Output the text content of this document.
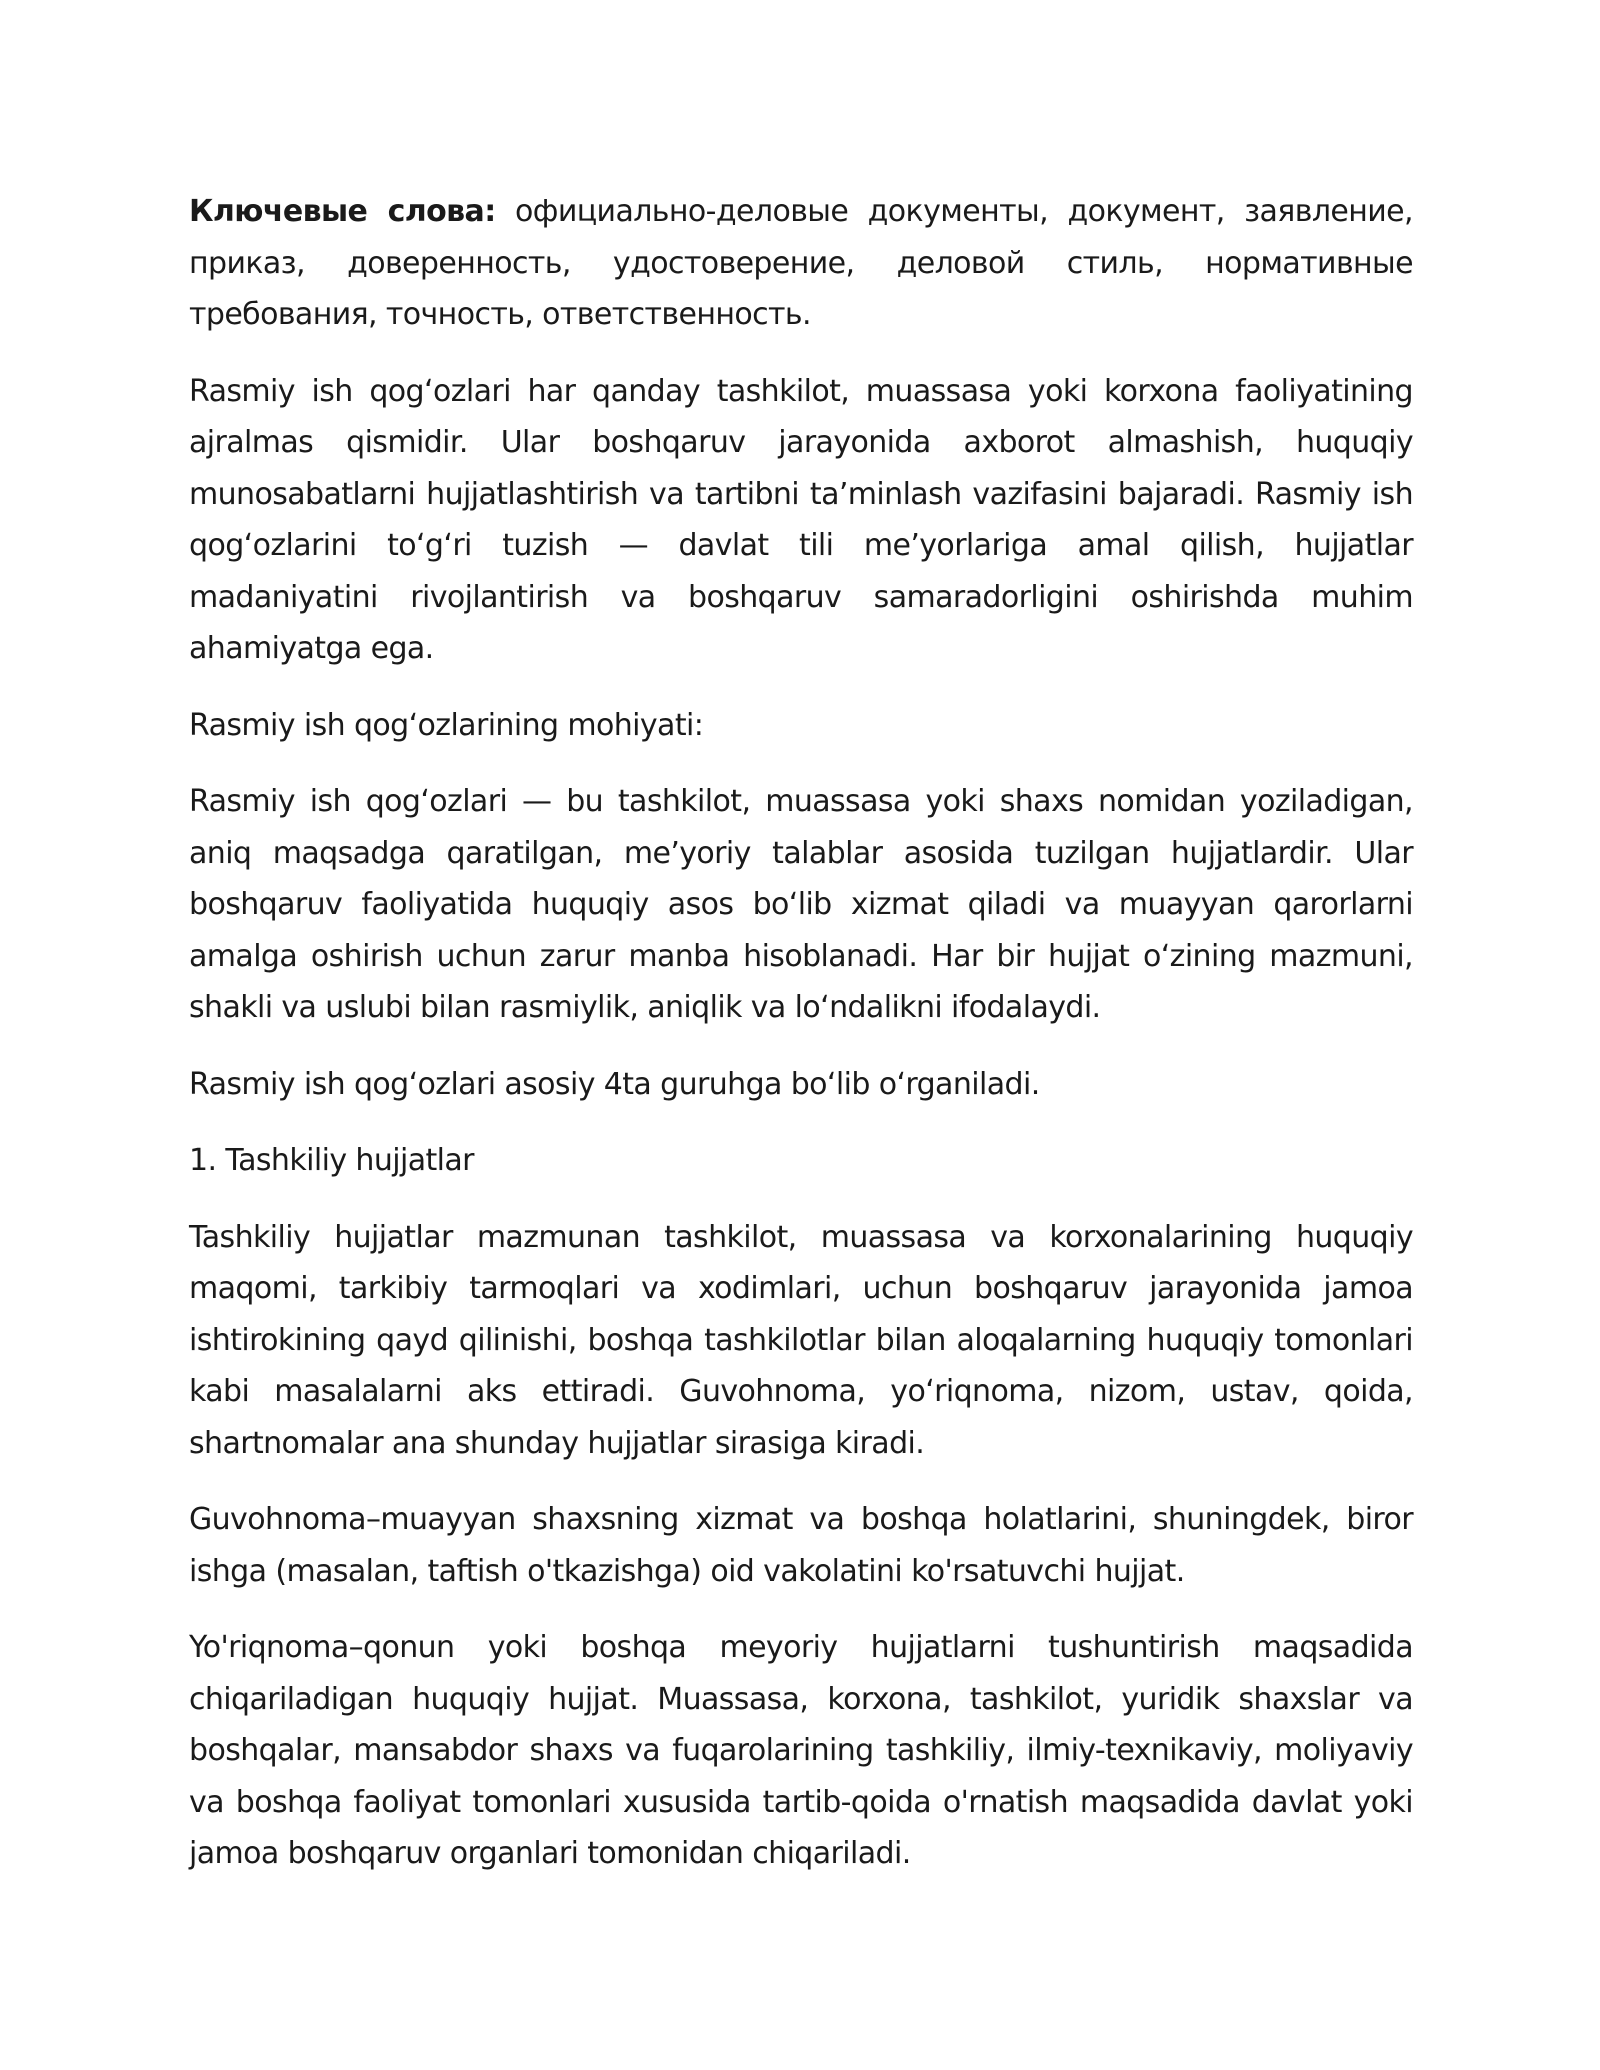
Ключевые слова: официально-деловые документы, документ, заявление, приказ, доверенность, удостоверение, деловой стиль, нормативные требования, точность, ответственность.

Rasmiy ish qogʻozlari har qanday tashkilot, muassasa yoki korxona faoliyatining ajralmas qismidir. Ular boshqaruv jarayonida axborot almashish, huquqiy munosabatlarni hujjatlashtirish va tartibni ta’minlash vazifasini bajaradi. Rasmiy ish qogʻozlarini toʻgʻri tuzish — davlat tili me’yorlariga amal qilish, hujjatlar madaniyatini rivojlantirish va boshqaruv samaradorligini oshirishda muhim ahamiyatga ega.

Rasmiy ish qogʻozlarining mohiyati:

Rasmiy ish qogʻozlari — bu tashkilot, muassasa yoki shaxs nomidan yoziladigan, aniq maqsadga qaratilgan, me’yoriy talablar asosida tuzilgan hujjatlardir. Ular boshqaruv faoliyatida huquqiy asos boʻlib xizmat qiladi va muayyan qarorlarni amalga oshirish uchun zarur manba hisoblanadi. Har bir hujjat oʻzining mazmuni, shakli va uslubi bilan rasmiylik, aniqlik va loʻndalikni ifodalaydi.

Rasmiy ish qogʻozlari asosiy 4ta guruhga boʻlib oʻrganiladi.

1. Tashkiliy hujjatlar

Tashkiliy hujjatlar mazmunan tashkilot, muassasa va korxonalarining huquqiy maqomi, tarkibiy tarmoqlari va xodimlari, uchun boshqaruv jarayonida jamoa ishtirokining qayd qilinishi, boshqa tashkilotlar bilan aloqalarning huquqiy tomonlari kabi masalalarni aks ettiradi. Guvohnoma, yoʻriqnoma, nizom, ustav, qoida, shartnomalar ana shunday hujjatlar sirasiga kiradi.

Guvohnoma–muayyan shaxsning xizmat va boshqa holatlarini, shuningdek, biror ishga (masalan, taftish o'tkazishga) oid vakolatini ko'rsatuvchi hujjat.

Yo'riqnoma–qonun yoki boshqa meyoriy hujjatlarni tushuntirish maqsadida chiqariladigan huquqiy hujjat. Muassasa, korxona, tashkilot, yuridik shaxslar va boshqalar, mansabdor shaxs va fuqarolarining tashkiliy, ilmiy-texnikaviy, moliyaviy va boshqa faoliyat tomonlari xususida tartib-qoida o'rnatish maqsadida davlat yoki jamoa boshqaruv organlari tomonidan chiqariladi.
